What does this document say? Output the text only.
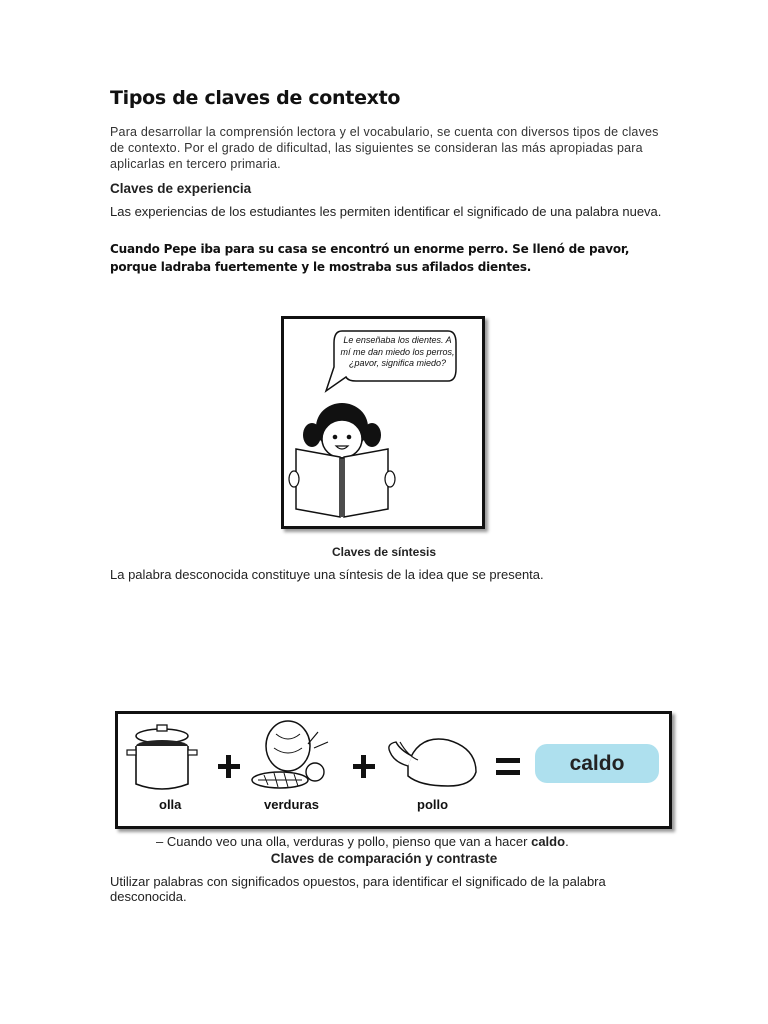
Tipos de claves de contexto
Para desarrollar la comprensión lectora y el vocabulario, se cuenta con diversos tipos de claves de contexto. Por el grado de dificultad, las siguientes se consideran las más apropiadas para aplicarlas en tercero primaria.
Claves de experiencia
Las experiencias de los estudiantes les permiten identificar el significado de una palabra nueva.
Cuando Pepe iba para su casa se encontró un enorme perro. Se llenó de pavor, porque ladraba fuertemente y le mostraba sus afilados dientes.
Le enseñaba los dientes. A mí me dan miedo los perros, ¿pavor, significa miedo?
Claves de síntesis
La palabra desconocida constituye una síntesis de la idea que se presenta.
olla	verduras	pollo
caldo
– Cuando veo una olla, verduras y pollo, pienso que van a hacer caldo.
Claves de comparación y contraste
Utilizar palabras con significados opuestos, para identificar el significado de la palabra desconocida.
